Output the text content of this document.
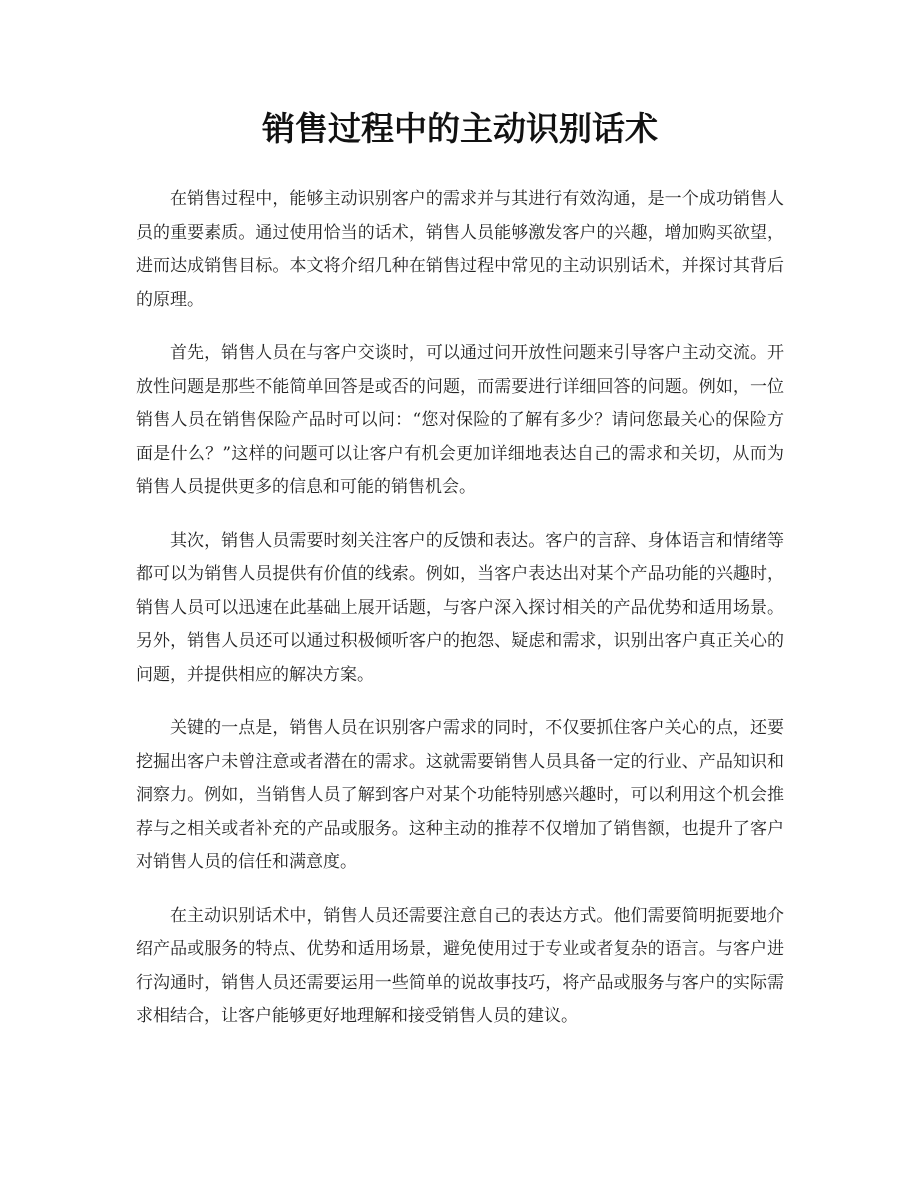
销售过程中的主动识别话术

在销售过程中，能够主动识别客户的需求并与其进行有效沟通，是一个成功销售人员的重要素质。通过使用恰当的话术，销售人员能够激发客户的兴趣，增加购买欲望，进而达成销售目标。本文将介绍几种在销售过程中常见的主动识别话术，并探讨其背后的原理。

首先，销售人员在与客户交谈时，可以通过问开放性问题来引导客户主动交流。开放性问题是那些不能简单回答是或否的问题，而需要进行详细回答的问题。例如，一位销售人员在销售保险产品时可以问：“您对保险的了解有多少？请问您最关心的保险方面是什么？”这样的问题可以让客户有机会更加详细地表达自己的需求和关切，从而为销售人员提供更多的信息和可能的销售机会。

其次，销售人员需要时刻关注客户的反馈和表达。客户的言辞、身体语言和情绪等都可以为销售人员提供有价值的线索。例如，当客户表达出对某个产品功能的兴趣时，销售人员可以迅速在此基础上展开话题，与客户深入探讨相关的产品优势和适用场景。另外，销售人员还可以通过积极倾听客户的抱怨、疑虑和需求，识别出客户真正关心的问题，并提供相应的解决方案。

关键的一点是，销售人员在识别客户需求的同时，不仅要抓住客户关心的点，还要挖掘出客户未曾注意或者潜在的需求。这就需要销售人员具备一定的行业、产品知识和洞察力。例如，当销售人员了解到客户对某个功能特别感兴趣时，可以利用这个机会推荐与之相关或者补充的产品或服务。这种主动的推荐不仅增加了销售额，也提升了客户对销售人员的信任和满意度。

在主动识别话术中，销售人员还需要注意自己的表达方式。他们需要简明扼要地介绍产品或服务的特点、优势和适用场景，避免使用过于专业或者复杂的语言。与客户进行沟通时，销售人员还需要运用一些简单的说故事技巧，将产品或服务与客户的实际需求相结合，让客户能够更好地理解和接受销售人员的建议。
